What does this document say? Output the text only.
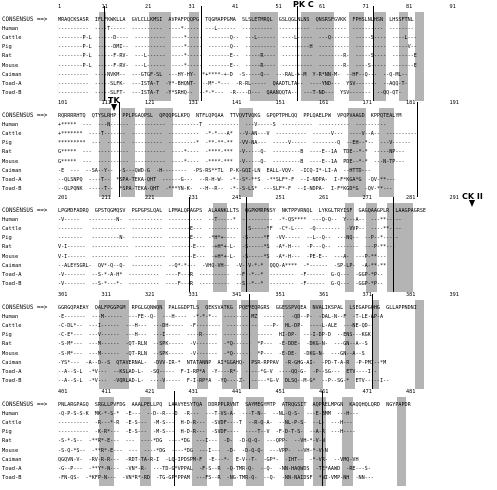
1	11	21	31	41	51	61	71	81	91
CONSENSUS ==> MRAQCKSASR  IFLFKWKLLA  GVLCLLKMSI  AVPAFPQQPG  TQGMAPPGMA  SLSLETMRQL  GSLQGLNLNS  QNSRSFGVKK  FPHSLNLHSN  LHSSFTNL
Human	----------  ----T-----  ----------  ----*-----  ---L------  ----------  ----------  ----------  ----------  --------
Cattle	--------P-L  -----D----  ----------  ----*-----  -------Q--  ---L------  ----L-----  ---Q------  -----S----  ----L---
Pig	--------P-L  -----DMI--  ----------  ----*-----  -------Q--  ----------  ---------H  ----------  ----------  -----V--
Rat	--------P-L  -----F-RV-  ---L------  ----*-----  -------E--  -----R----  ----------  --------R-  -----S----  -------E
Mouse	--------P-L  -----F-RV-  ---L------  ----*-----  -------E--  -----R----  ----------  --------R-  ----S-----  -------E
Caiman	----------  ----NVKM--  ---GTGF-SL  ---HY-HY-  *+****-+-D  -S-----Q--  ---RAL-+-M  Y-R*NN-M-  --HF--Q---  --Q-ML--
Toad-A	----------  -----SLFK-  ---ISTA-T  -Y*-BHQNT-  --M*-*---  -R-RL-----  QAADTLTA--  ----YND---  YSV-------  --AQQ-T-
Toad-B	----------  -----SLFT-  ---ISTA-T  -Y*SRHQ--  --*-*---  -R----D---  QAANQQTA--  ---T-ND---  YSV-------  --QQ-QT-
101	111	121	131	141	151	161	171	181	191
CONSENSUS ==> RQRRRRHTQ  QTYSLRHP  PPLPGAQPSL  QPQQPGLKPQ  NTFLQPQAA  TTVQVTVQKG  GPQPTPHLQQ  PPLQAELPW  VPQPVAAGD  KPPQTEALYM
Human	+*****  ---  ---N------  ----------  ---------T  ----------  ---V-----S  ----------  ----------  ----------
Cattle	+*******  ----T-------  ----------  ----------  -*-*---A*  --V-AN---V  ----------  ------V---  ----V--A--  ----------
Pig	*********  ---  ------  ----------  ---------*  -**-**-**  -VV-NA---  -----V-----  --------Q  --EH--*--  ---V------
Rat	G*****  ---  ----------  ----------  ----*----  -****-***  -V-----Q-  ---------B  ----E--1A  TDE--*-*  -----NP---
Mouse	G*****  ---  ----------  ----------  ----*----  -****-***  -V-----Q-  ---------B  ----E--1A  PDE--*-*  ---N-TP---
Caiman	-E  ---  --SA--Y--  -S---QWD-G  -H--------  -PS-RS**TL  P-K-GQI-LN  EALL-VQV-  -ICQ-I*-LI-A  --HTTD---
Toad-A	--QLSNPQ  ----T--  *SPA-TEKA-QHT  ------G---  --R-H-W-  -*--S*-**S  -**SLF*-F  --I-NDPA-  I-F*KGA*G  -QV-**---
Toad-B	--QLPQNK  -----T--  *SPA-TEKA-QHT  -***YN-K-  --H--R--  -*--S-LS*  ---SLF*-F  --I-NDPA-  I-F*KGD*G  -QV-**---
201	211	221	231	241	251	261	271	281	291
CONSENSUS ==> LPGMDFADRQ  GPSTQGMQSV  PGPGPSLQAL  LPMALQPAGPS  ALAANKLLTS  QGPKMRPNSY  NKTPPVRNQL  LYKGLTRYISF  GAGQAAGPLR  LAAGPAGRSE
Human	-V-----   ---------N-  -----------  -----------  --T-----*  ----------  -*-QS****  ---Q-Q--  Y---A--  ---**-----
Cattle	--------   -----------  ----------  -------E---  ----------  -S-----*F  -C*-L---  -Q--------  -VVP--  ----**----
Pig	--------   ---------N-  ----------  -------E---  -*H*+----  -S-----*F  -VV-----  --L--Q--  ---NQ--  --P--*-----
Rat	V-I------  ------------  ----------  -------E---  -+H*+-L-  -S-----*S  -A*-H---  -P---Q--  -------  ---P-**---
Mouse	V-I------  ------------  ----------  -------E---  -+H*+-L-  -S-----*S  -A*-H---  -PE-E--  ---A-  ---P-**---
Caiman	--ALEYSGRL-  QV*-Q--Q-  ----------  --Q*-*---  -VHQ-VH--  -V--V-*-*  QQQ-A****  -*------  -SP-LP-  -A-**-**
Toad-A	-V-------  --S-*-A-H*  ----------  ----F---R  ----------  --F--*--*  --------  -F------  G-Q---  -GGP-*P--
Toad-B	-V-------  --S-*---*-  ----------  ----F---R  ----------  --S--*--*  --------  -F------  G-Q---  -GGP-*P--
301	311	321	331	341	351	361	371	381	391
CONSENSUS ==> GGRGQPAEAY  QALFPGGPGM  RPGLGQNWQN  PALGGDPTLS  QEKSVATKG  PQEVEQRGRS  GGESSPVQEA  NVALIKSPAL  LSEGAPGQHG  GLLAPPNDNI
Human	-E-------  ---M------  ---FE--Q-  ---H----  -*-*-*--  ---------MZ  -------  -QD--P-  -DAL-N--F  -T-LE-AP-A
Cattle	-C-DL*--  ---I------  ---H---  ---DH-----  -F--------  ----------  ---P-  HL-DP-  ----L-ALE  ---NE-QD--
Pig	-C-E*---  ---V------  ---H---  ---I-----  ----R-----  ---------  -----  HI-DP-  ---I-DP-D  --ENS---KGK
Rat	-S-M*---  ---M------  -QT-RLN  --SPK-----  -V-------  -*Q------  *P---  -E-DDE-  -DKG-N-  ---GN--A--S
Mouse	-S-M*---  ---M------  -QT-RLN  --SPK-----  -V-------  -*Q------  *P---  -E-DE-  -DKG-N-  ---GN--A--S
Caiman	-YS*---  -A--D--S  QTAVERNAL-  -DVV-IR-*  NTATANNP  AI*GGAHQ-  PSR-RPPAV  -R-GHG-AI-  -PD-T-A-R  -P-PMI--*M
Toad-A	--A--S-L  -*V---  --KSLAD-L-  -SQ-----  F-I-RP*A  -Y----R*-  -----*G-V  ----QQ-G-  -P--SG---  ETV----I--
Toad-B	--A--S-L  -*V---  -VQRLAD-L-  ----V-----  F-I-RP*A  -YQ----Z-  -----*G-V  DLSQ--M-G*  --P--SG-*  ETV-----I--
401	411	421	431	441	451	461	471	481
CONSENSUS ==> PNLARGPAGQ  SRGLLPVFDG  AAALPELLPQ  LAAVYESYTQA  DDRPPLRVNT  SAYMEGYMTP  ATRQGSIT  AQPAELMPGN  KAQQHQLQRD  NGYPAPDR
Human	-Q-P-S-S-K  MK-*-S-*  -E---  --D--R---D  -R---  ---T-VS-A-  ---T-N--  --NL-Q-S-  ---E-BMM  ---H---
Cattle	----------  -R---*-R  -E-S---  -M-S---  H-D-R---  -SVDF----T  --R-Q-A-  --NL-P-S-  --L-  ---H---
Pig	----------  -K-R*---  -E-S---  -M-S---  H-D-R---  -SVDF----  ----T--V  -F-D-T-S-  --A-R  ---H----
Rat	-S-*-S--  -**R*-E---  ---  ----*DG  ----*DG  ---I---  -D-  -D-Q-Q-  ---QPP-  --VH-*-V-N
Mouse	-S-Q-*S--  -**R*-E---  ---  ----*DG  ----*DG  ---I---  -D-  -D-Q-Q-  ---VPP-  --VH-*-V-N
Caiman	QGQVN-V-  -RV-R-R---  -RDT-TA-R-I  -LQ-IPDSPM-F  -E---*-  E-V--T-  -GP*-  -IHT--  -*-VR-  --VMQ-VH
Toad-A	-G--P---  -**Y*-N---  -VN*-R-  ---TD-G*VPPAL  -F-S--R  -Q-TMR-Q-  --Q-  -NN-HAQWDS  -TE*AAWD  -RE---S-
Toad-B	-FN-QS-  -*KFP-N---  -VN*R*-RD  -TG-GP*PPAM  ---FS--R  -NG-TMR-Q-  --Q-  -NN-NAIDSF  *NI-VMP-NH  -NN---
PK C
TK
CK II
